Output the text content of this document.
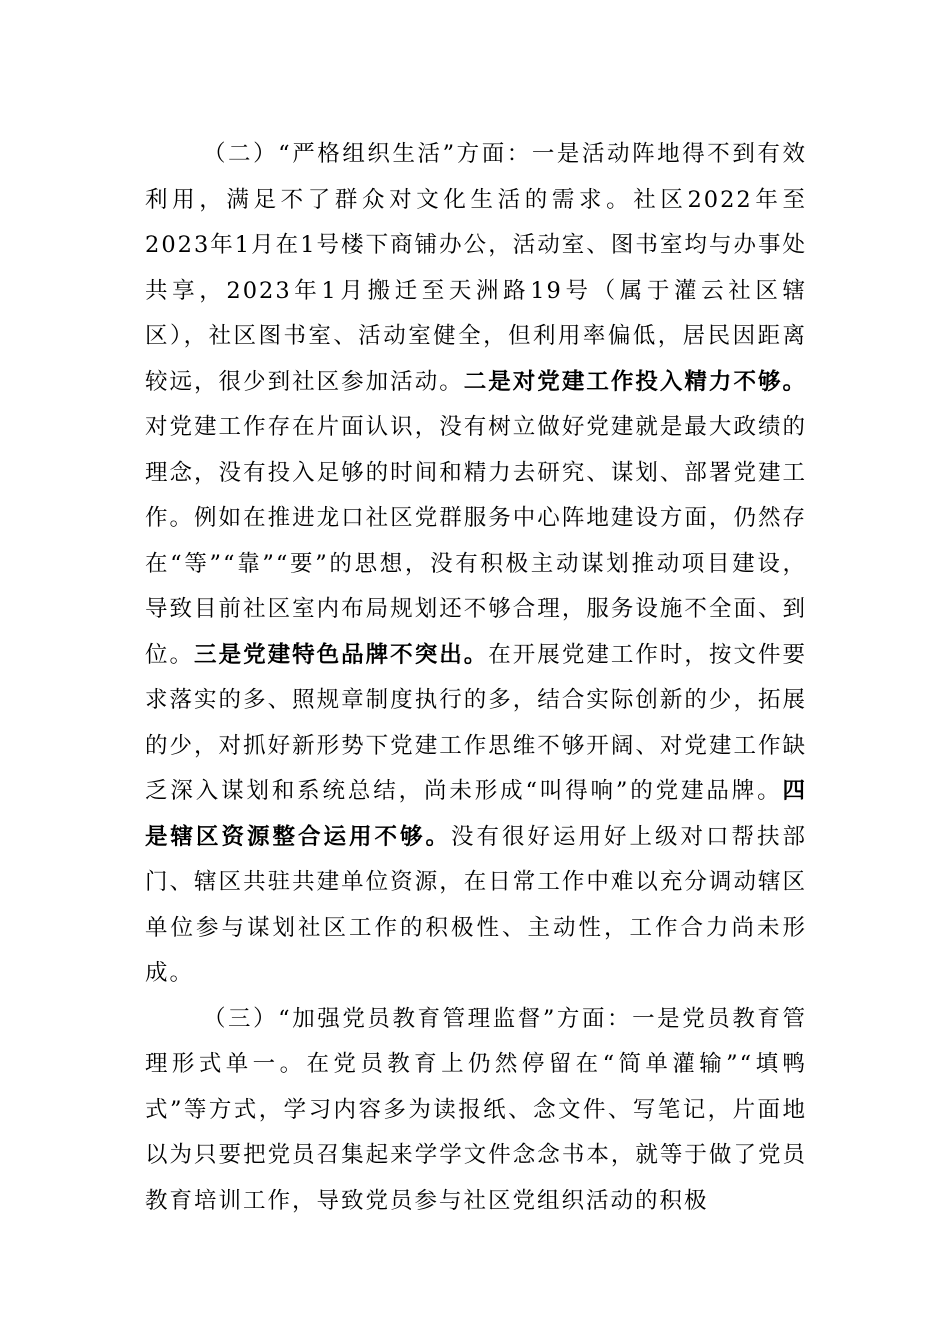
（二）“严格组织生活”方面：一是活动阵地得不到有效利用，满足不了群众对文化生活的需求。社区2022年至2023年1月在1号楼下商铺办公，活动室、图书室均与办事处共享，2023年1月搬迁至天洲路19号（属于灌云社区辖区），社区图书室、活动室健全，但利用率偏低，居民因距离较远，很少到社区参加活动。二是对党建工作投入精力不够。对党建工作存在片面认识，没有树立做好党建就是最大政绩的理念，没有投入足够的时间和精力去研究、谋划、部署党建工作。例如在推进龙口社区党群服务中心阵地建设方面，仍然存在“等”“靠”“要”的思想，没有积极主动谋划推动项目建设，导致目前社区室内布局规划还不够合理，服务设施不全面、到位。三是党建特色品牌不突出。在开展党建工作时，按文件要求落实的多、照规章制度执行的多，结合实际创新的少，拓展的少，对抓好新形势下党建工作思维不够开阔、对党建工作缺乏深入谋划和系统总结，尚未形成“叫得响”的党建品牌。四是辖区资源整合运用不够。没有很好运用好上级对口帮扶部门、辖区共驻共建单位资源，在日常工作中难以充分调动辖区单位参与谋划社区工作的积极性、主动性，工作合力尚未形成。

（三）“加强党员教育管理监督”方面：一是党员教育管理形式单一。在党员教育上仍然停留在“简单灌输”“填鸭式”等方式，学习内容多为读报纸、念文件、写笔记，片面地以为只要把党员召集起来学学文件念念书本，就等于做了党员教育培训工作，导致党员参与社区党组织活动的积极
